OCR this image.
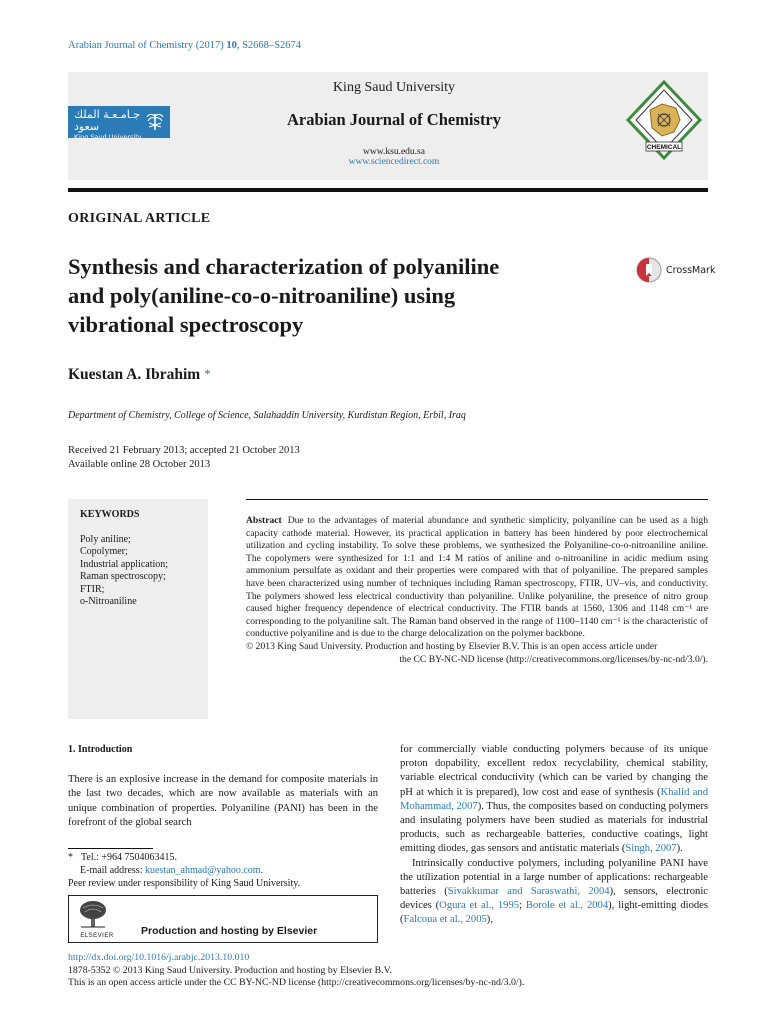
Arabian Journal of Chemistry (2017) 10, S2668–S2674
جـامـعـة الملك سعود
King Saud University
King Saud University
Arabian Journal of Chemistry
www.ksu.edu.sa
www.sciencedirect.com
CHEMICAL
ORIGINAL ARTICLE
Synthesis and characterization of polyaniline
and poly(aniline-co-o-nitroaniline) using
vibrational spectroscopy
CrossMark
Kuestan A. Ibrahim *
Department of Chemistry, College of Science, Salahaddin University, Kurdistan Region, Erbil, Iraq
Received 21 February 2013; accepted 21 October 2013
Available online 28 October 2013
KEYWORDS
Poly aniline;
Copolymer;
Industrial application;
Raman spectroscopy;
FTIR;
o-Nitroaniline
Abstract Due to the advantages of material abundance and synthetic simplicity, polyaniline can be used as a high capacity cathode material. However, its practical application in battery has been hindered by poor electrochemical utilization and cycling instability. To solve these problems, we synthesized the Polyaniline-co-o-nitroaniline aniline. The copolymers were synthesized for 1:1 and 1:4 M ratios of aniline and o-nitroaniline in acidic medium using ammonium persulfate as oxidant and their properties were compared with that of polyaniline. The prepared samples have been characterized using number of techniques including Raman spectroscopy, FTIR, UV–vis, and conductivity. The polymers showed less electrical conductivity than polyaniline. Unlike polyaniline, the presence of nitro group caused higher frequency dependence of electrical conductivity. The FTIR bands at 1560, 1306 and 1148 cm⁻¹ are corresponding to the polyaniline salt. The Raman band observed in the range of 1100–1140 cm⁻¹ is the characteristic of conductive polyaniline and is due to the charge delocalization on the polymer backbone.
© 2013 King Saud University. Production and hosting by Elsevier B.V. This is an open access article under
the CC BY-NC-ND license (http://creativecommons.org/licenses/by-nc-nd/3.0/).
1. Introduction
There is an explosive increase in the demand for composite materials in the last two decades, which are now available as materials with an unique combination of properties. Polyaniline (PANI) has been in the forefront of the global search
for commercially viable conducting polymers because of its unique proton dopability, excellent redox recyclability, chemical stability, variable electrical conductivity (which can be varied by changing the pH at which it is prepared), low cost and ease of synthesis (Khalid and Mohammad, 2007). Thus, the composites based on conducting polymers and insulating polymers have been studied as materials for industrial products, such as rechargeable batteries, conductive coatings, light emitting diodes, gas sensors and antistatic materials (Singh, 2007).
Intrinsically conductive polymers, including polyaniline PANI have the utilization potential in a large number of applications: rechargeable batteries (Sivakkumar and Saraswathi, 2004), sensors, electronic devices (Ogura et al., 1995; Borole et al., 2004), light-emitting diodes (Falcoua et al., 2005),
* Tel.: +964 7504063415.
E-mail address: kuestan_ahmad@yahoo.com.
Peer review under responsibility of King Saud University.
ELSEVIER	Production and hosting by Elsevier
http://dx.doi.org/10.1016/j.arabjc.2013.10.010
1878-5352 © 2013 King Saud University. Production and hosting by Elsevier B.V.
This is an open access article under the CC BY-NC-ND license (http://creativecommons.org/licenses/by-nc-nd/3.0/).
